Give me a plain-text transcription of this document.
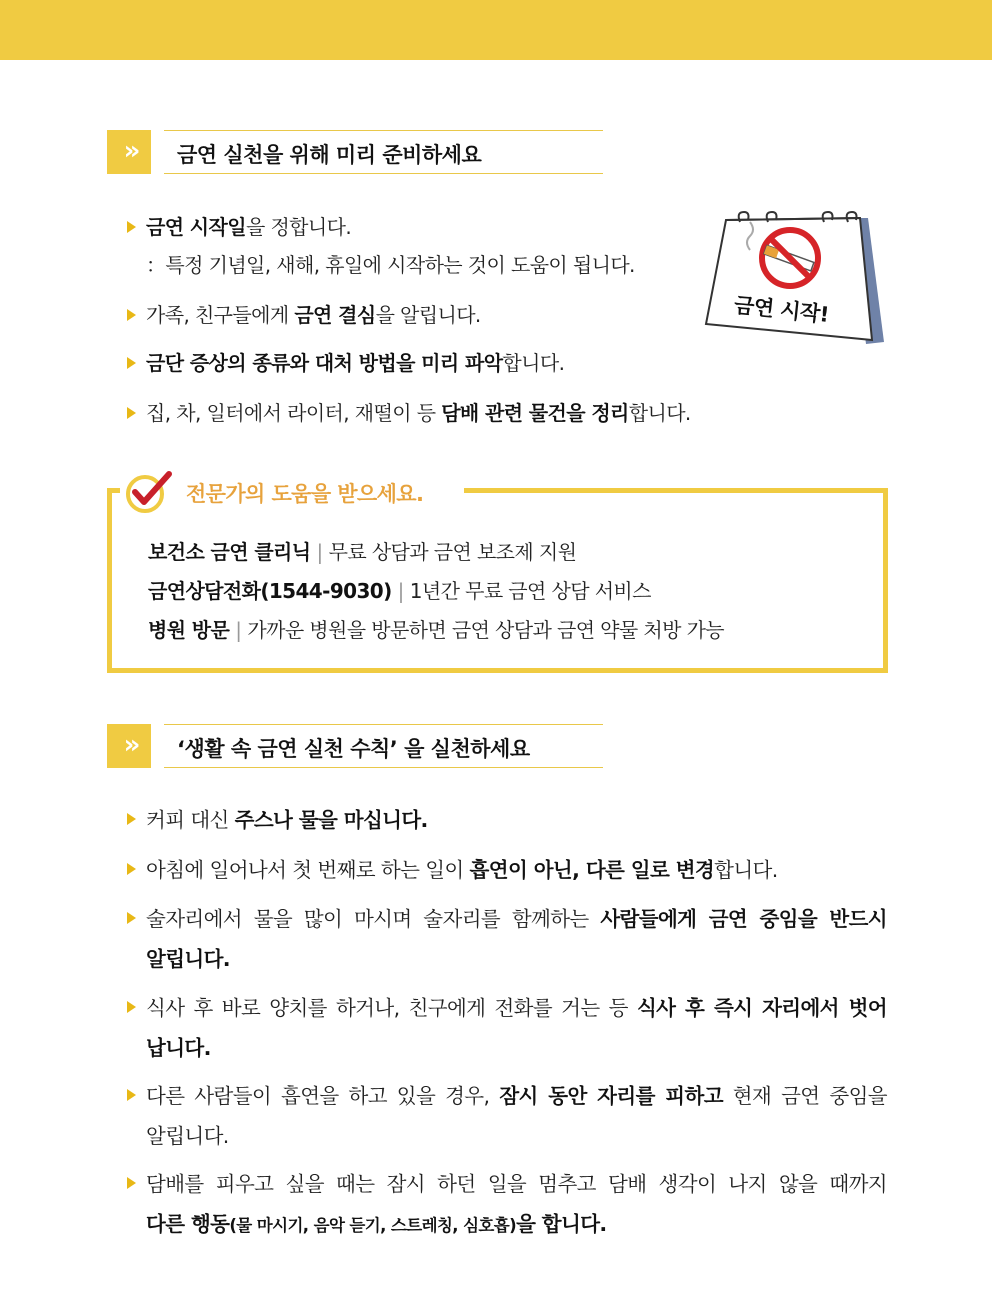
»	금연 실천을 위해 미리 준비하세요
금연 시작일을 정합니다.
：특정 기념일, 새해, 휴일에 시작하는 것이 도움이 됩니다.
가족, 친구들에게 금연 결심을 알립니다.
금단 증상의 종류와 대처 방법을 미리 파악합니다.
집, 차, 일터에서 라이터, 재떨이 등 담배 관련 물건을 정리합니다.
금연 시작!
전문가의 도움을 받으세요.
보건소 금연 클리닉 | 무료 상담과 금연 보조제 지원
금연상담전화(1544-9030) | 1년간 무료 금연 상담 서비스
병원 방문 | 가까운 병원을 방문하면 금연 상담과 금연 약물 처방 가능
»	‘생활 속 금연 실천 수칙’ 을 실천하세요
커피 대신 주스나 물을 마십니다.
아침에 일어나서 첫 번째로 하는 일이 흡연이 아닌, 다른 일로 변경합니다.
술자리에서 물을 많이 마시며 술자리를 함께하는 사람들에게 금연 중임을 반드시
알립니다.
식사 후 바로 양치를 하거나, 친구에게 전화를 거는 등 식사 후 즉시 자리에서 벗어
납니다.
다른 사람들이 흡연을 하고 있을 경우, 잠시 동안 자리를 피하고 현재 금연 중임을
알립니다.
담배를 피우고 싶을 때는 잠시 하던 일을 멈추고 담배 생각이 나지 않을 때까지
다른 행동(물 마시기, 음악 듣기, 스트레칭, 심호흡)을 합니다.
